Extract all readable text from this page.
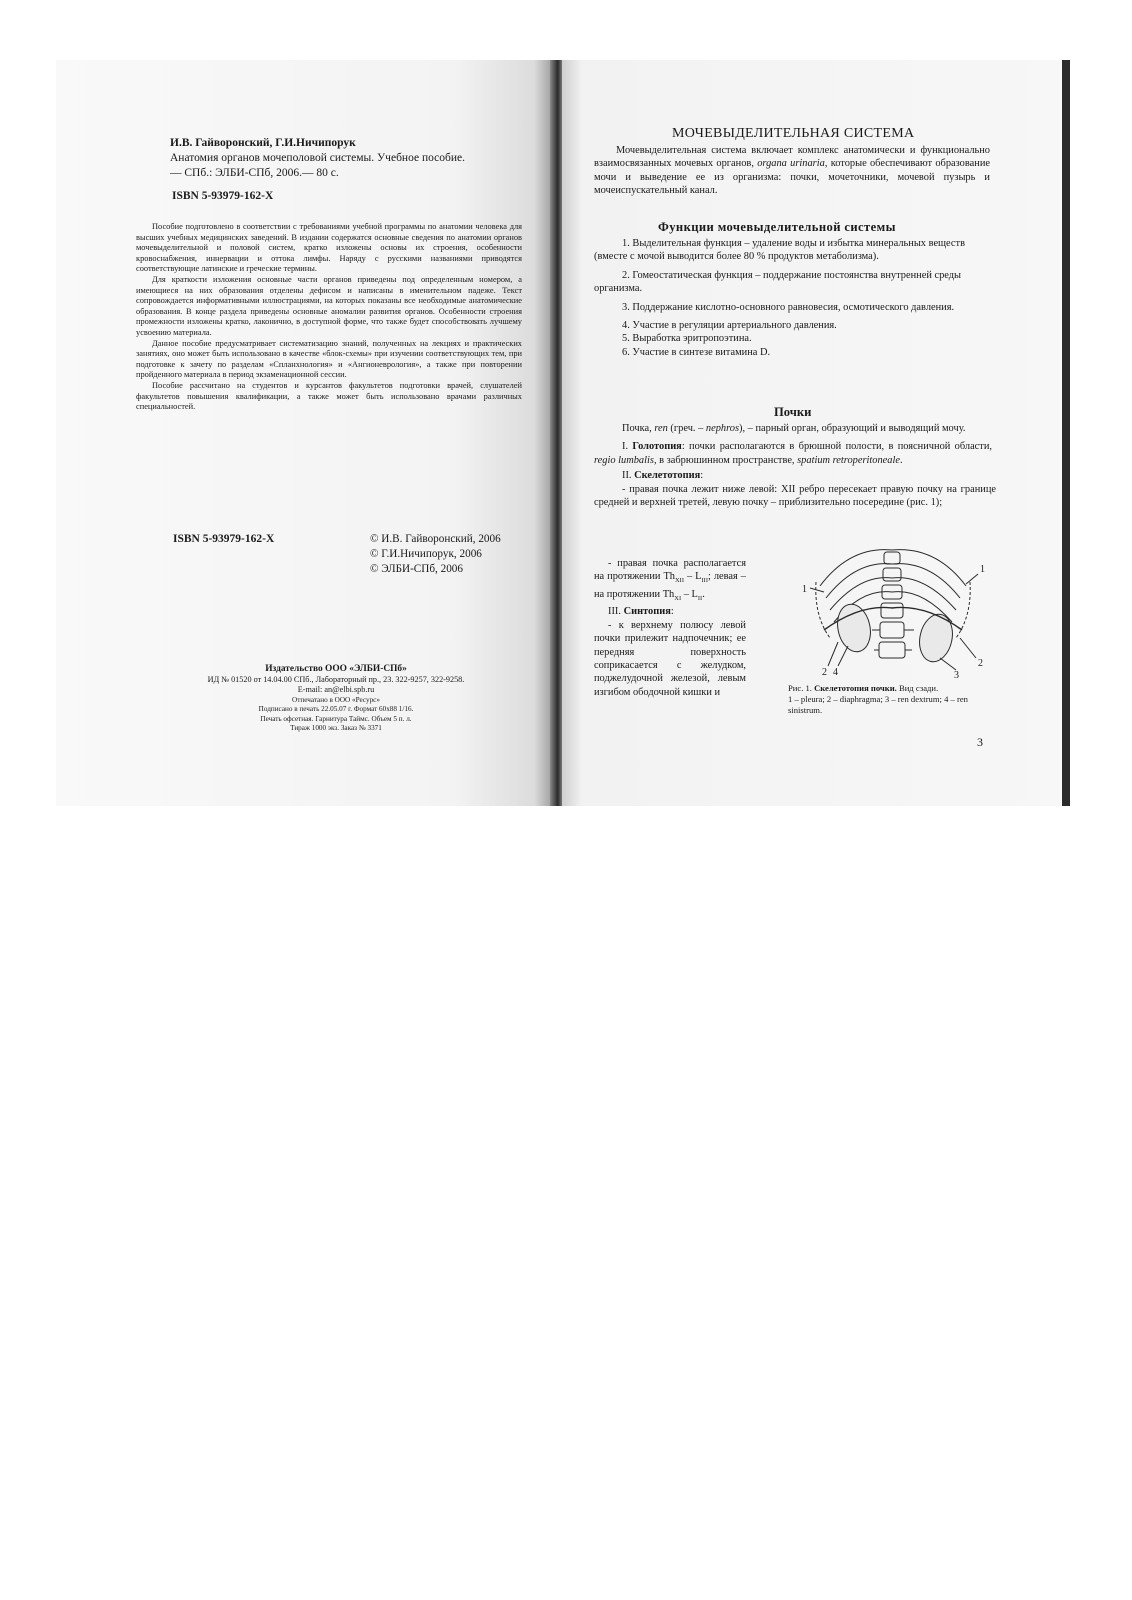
И.В. Гайворонский, Г.И.Ничипорук
Анатомия органов мочеполовой системы. Учебное пособие. — СПб.: ЭЛБИ-СПб, 2006.— 80 с.
ISBN 5-93979-162-X

Пособие подготовлено в соответствии с требованиями учебной программы по анатомии человека для высших учебных медицинских заведений. В издании содержатся основные сведения по анатомии органов мочевыделительной и половой систем, кратко изложены основы их строения, особенности кровоснабжения, иннервации и оттока лимфы. Наряду с русскими названиями приводятся соответствующие латинские и греческие термины.

Для краткости изложения основные части органов приведены под определенным номером, а имеющиеся на них образования отделены дефисом и написаны в именительном падеже. Текст сопровождается информативными иллюстрациями, на которых показаны все необходимые анатомические образования. В конце раздела приведены основные аномалии развития органов. Особенности строения промежности изложены кратко, лаконично, в доступной форме, что также будет способствовать лучшему усвоению материала.

Данное пособие предусматривает систематизацию знаний, полученных на лекциях и практических занятиях, оно может быть использовано в качестве «блок-схемы» при изучении соответствующих тем, при подготовке к зачету по разделам «Спланхнология» и «Ангионеврология», а также при повторении пройденного материала в период экзаменационной сессии.

Пособие рассчитано на студентов и курсантов факультетов подготовки врачей, слушателей факультетов повышения квалификации, а также может быть использовано врачами различных специальностей.

ISBN 5-93979-162-X	© И.В. Гайворонский, 2006
© Г.И.Ничипорук, 2006
© ЭЛБИ-СПб, 2006
Издательство ООО «ЭЛБИ-СПб»
ИД № 01520 от 14.04.00 СПб., Лабораторный пр., 23. 322-9257, 322-9258.
E-mail: an@elbi.spb.ru
Отпечатано в ООО «Ресурс»
Подписано в печать 22.05.07 г. Формат 60х88 1/16.
Печать офсетная. Гарнитура Таймс. Объем 5 п. л.
Тираж 1000 экз. Заказ № 3371
МОЧЕВЫДЕЛИТЕЛЬНАЯ СИСТЕМА

Мочевыделительная система включает комплекс анатомически и функционально взаимосвязанных мочевых органов, organa urinaria, которые обеспечивают образование мочи и выведение ее из организма: почки, мочеточники, мочевой пузырь и мочеиспускательный канал.

Функции мочевыделительной системы

1. Выделительная функция – удаление воды и избытка минеральных веществ (вместе с мочой выводится более 80 % продуктов метаболизма).

2. Гомеостатическая функция – поддержание постоянства внутренней среды организма.

3. Поддержание кислотно-основного равновесия, осмотического давления.

4. Участие в регуляции артериального давления.

5. Выработка эритропоэтина.

6. Участие в синтезе витамина D.

Почки

Почка, ren (греч. – nephros), – парный орган, образующий и выводящий мочу.

I. Голотопия: почки располагаются в брюшной полости, в поясничной области, regio lumbalis, в забрюшинном пространстве, spatium retroperitoneale.

II. Скелетотопия:

- правая почка лежит ниже левой: XII ребро пересекает правую почку на границе средней и верхней третей, левую почку – приблизительно посередине (рис. 1);

- правая почка располагается на протяжении $Th_{XII} - L_{III}$; левая – на протяжении $Th_{XI} - L_{II}$.

III. Синтопия:

- к верхнему полюсу левой почки прилежит надпочечник; ее передняя поверхность соприкасается с желудком, поджелудочной железой, левым изгибом ободочной кишки и

1
1
2 4
2
3

Рис. 1. Скелетотопия почки. Вид сзади.

1 – pleura; 2 – diaphragma; 3 – ren dextrum; 4 – ren sinistrum.

3
